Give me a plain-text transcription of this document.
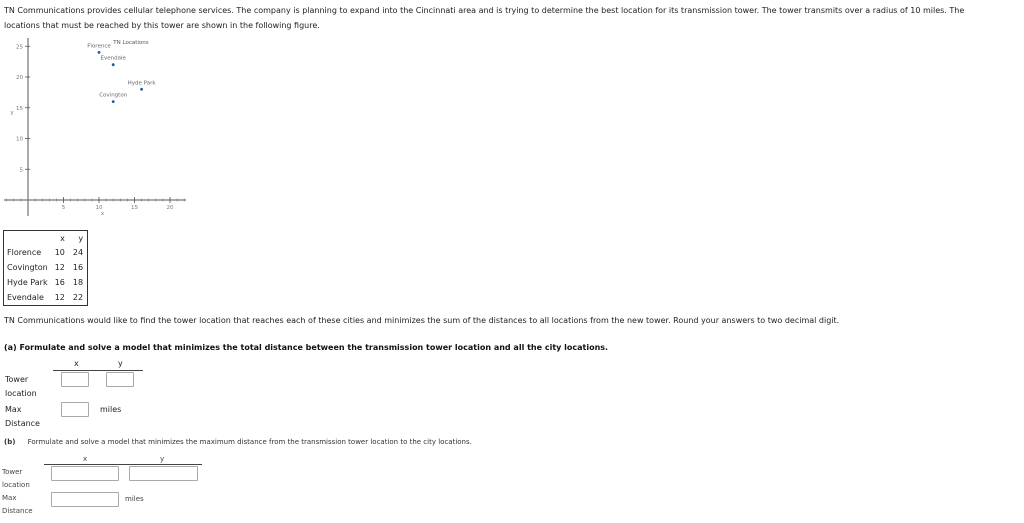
TN Communications provides cellular telephone services. The company is planning to expand into the Cincinnati area and is trying to determine the best location for its transmission tower. The tower transmits over a radius of 10 miles. The
locations that must be reached by this tower are shown in the following figure.
5	10	15	20
5
10
15
20
25
x
y
TN Locations
Florence
Covington
Hyde Park
Evendale
	x	y
Florence	10	24
Covington	12	16
Hyde Park	16	18
Evendale	12	22
TN Communications would like to find the tower location that reaches each of these cities and minimizes the sum of the distances to all locations from the new tower. Round your answers to two decimal digit.
(a) Formulate and solve a model that minimizes the total distance between the transmission tower location and all the city locations.
x	y
Tower
location
Max
Distance
miles
(b) Formulate and solve a model that minimizes the maximum distance from the transmission tower location to the city locations.
x	y
Tower
location
Max
Distance
miles
